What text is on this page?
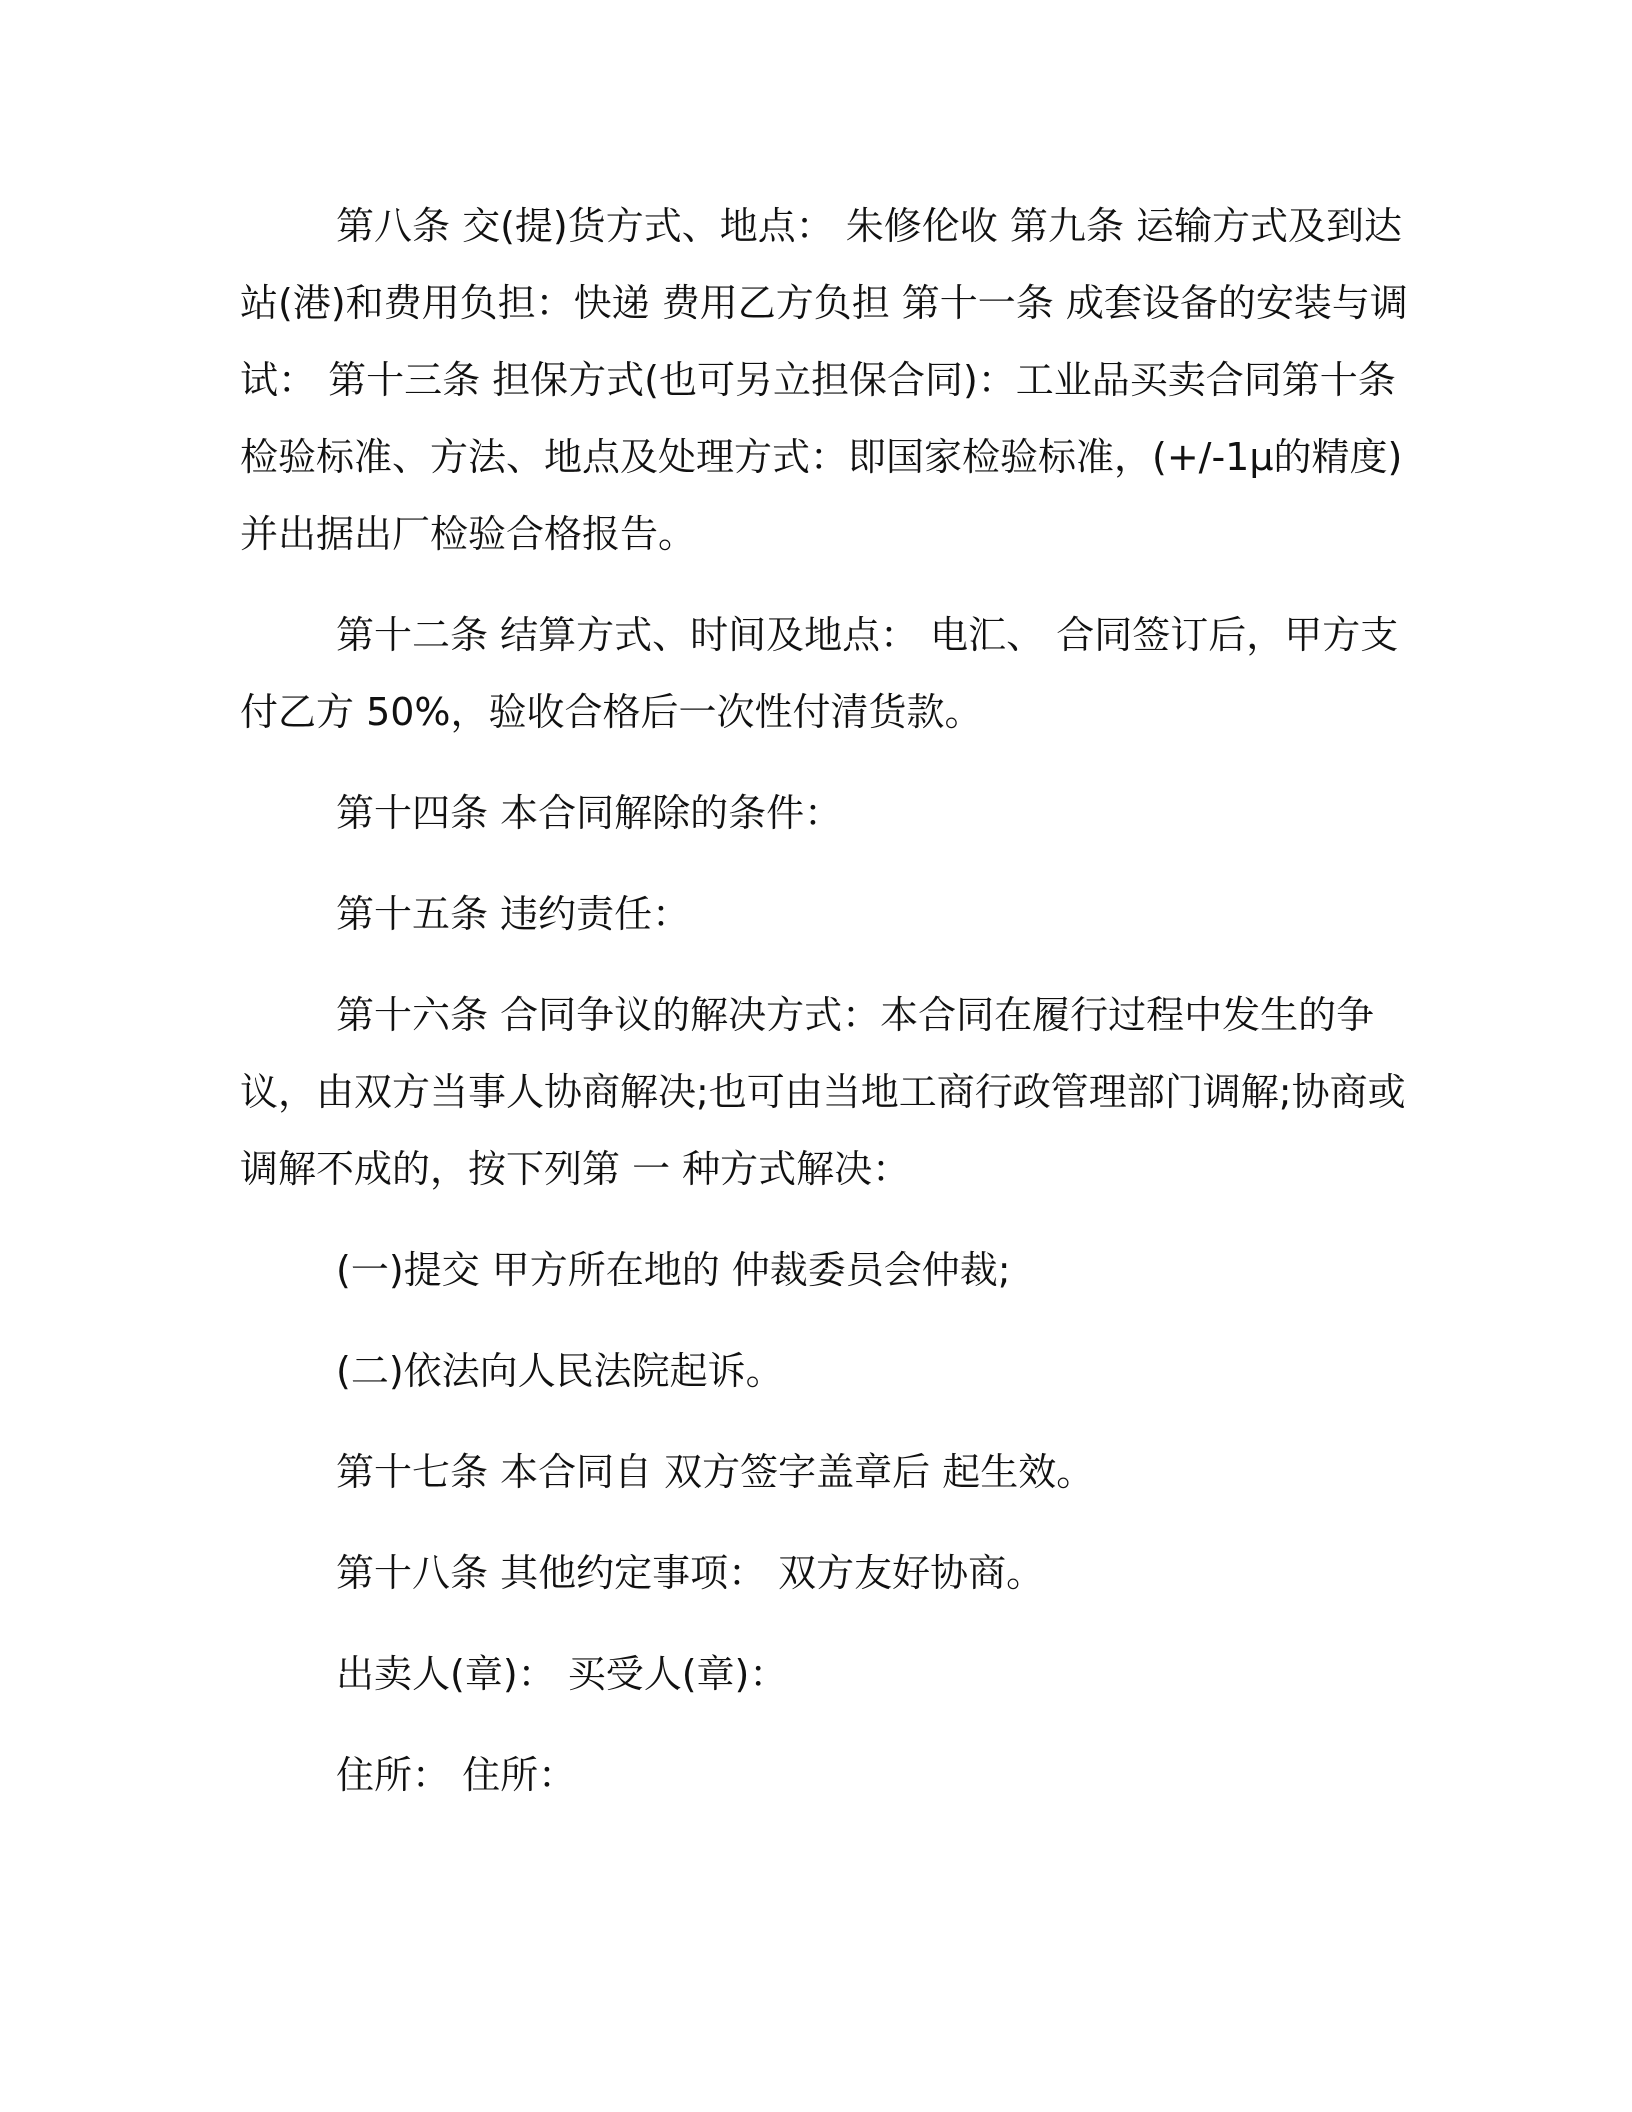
第八条 交(提)货方式、地点： 朱修伦收 第九条 运输方式及到达站(港)和费用负担：快递 费用乙方负担 第十一条 成套设备的安装与调试： 第十三条 担保方式(也可另立担保合同)：工业品买卖合同第十条检验标准、方法、地点及处理方式：即国家检验标准，(+/-1μ的精度)并出据出厂检验合格报告。

第十二条 结算方式、时间及地点： 电汇、 合同签订后，甲方支付乙方 50%，验收合格后一次性付清货款。

第十四条 本合同解除的条件：

第十五条 违约责任：

第十六条 合同争议的解决方式：本合同在履行过程中发生的争议，由双方当事人协商解决;也可由当地工商行政管理部门调解;协商或调解不成的，按下列第 一 种方式解决：

(一)提交 甲方所在地的 仲裁委员会仲裁;

(二)依法向人民法院起诉。

第十七条 本合同自 双方签字盖章后 起生效。

第十八条 其他约定事项： 双方友好协商。

出卖人(章)： 买受人(章)：

住所： 住所：
